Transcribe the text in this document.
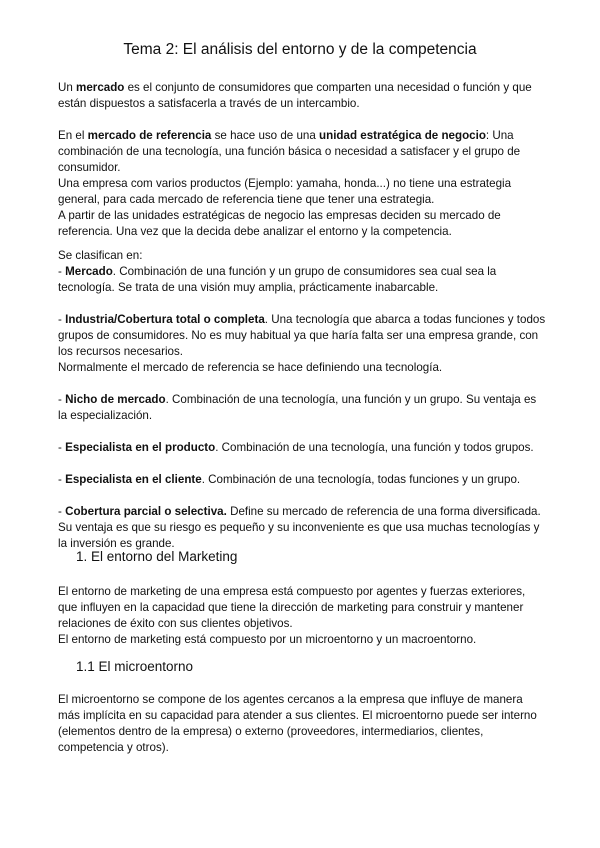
Tema 2: El análisis del entorno y de la competencia

Un mercado es el conjunto de consumidores que comparten una necesidad o función y que están dispuestos a satisfacerla a través de un intercambio.

En el mercado de referencia se hace uso de una unidad estratégica de negocio: Una combinación de una tecnología, una función básica o necesidad a satisfacer y el grupo de consumidor.

Una empresa com varios productos (Ejemplo: yamaha, honda...) no tiene una estrategia general, para cada mercado de referencia tiene que tener una estrategia.

A partir de las unidades estratégicas de negocio las empresas deciden su mercado de referencia. Una vez que la decida debe analizar el entorno y la competencia.

Se clasifican en:

- Mercado. Combinación de una función y un grupo de consumidores sea cual sea la tecnología. Se trata de una visión muy amplia, prácticamente inabarcable.

- Industria/Cobertura total o completa. Una tecnología que abarca a todas funciones y todos grupos de consumidores. No es muy habitual ya que haría falta ser una empresa grande, con los recursos necesarios.

Normalmente el mercado de referencia se hace definiendo una tecnología.

- Nicho de mercado. Combinación de una tecnología, una función y un grupo. Su ventaja es la especialización.

- Especialista en el producto. Combinación de una tecnología, una función y todos grupos.

- Especialista en el cliente. Combinación de una tecnología, todas funciones y un grupo.

- Cobertura parcial o selectiva. Define su mercado de referencia de una forma diversificada. Su ventaja es que su riesgo es pequeño y su inconveniente es que usa muchas tecnologías y la inversión es grande.

1. El entorno del Marketing

El entorno de marketing de una empresa está compuesto por agentes y fuerzas exteriores, que influyen en la capacidad que tiene la dirección de marketing para construir y mantener relaciones de éxito con sus clientes objetivos.

El entorno de marketing está compuesto por un microentorno y un macroentorno.

1.1 El microentorno

El microentorno se compone de los agentes cercanos a la empresa que influye de manera más implícita en su capacidad para atender a sus clientes. El microentorno puede ser interno (elementos dentro de la empresa) o externo (proveedores, intermediarios, clientes, competencia y otros).
